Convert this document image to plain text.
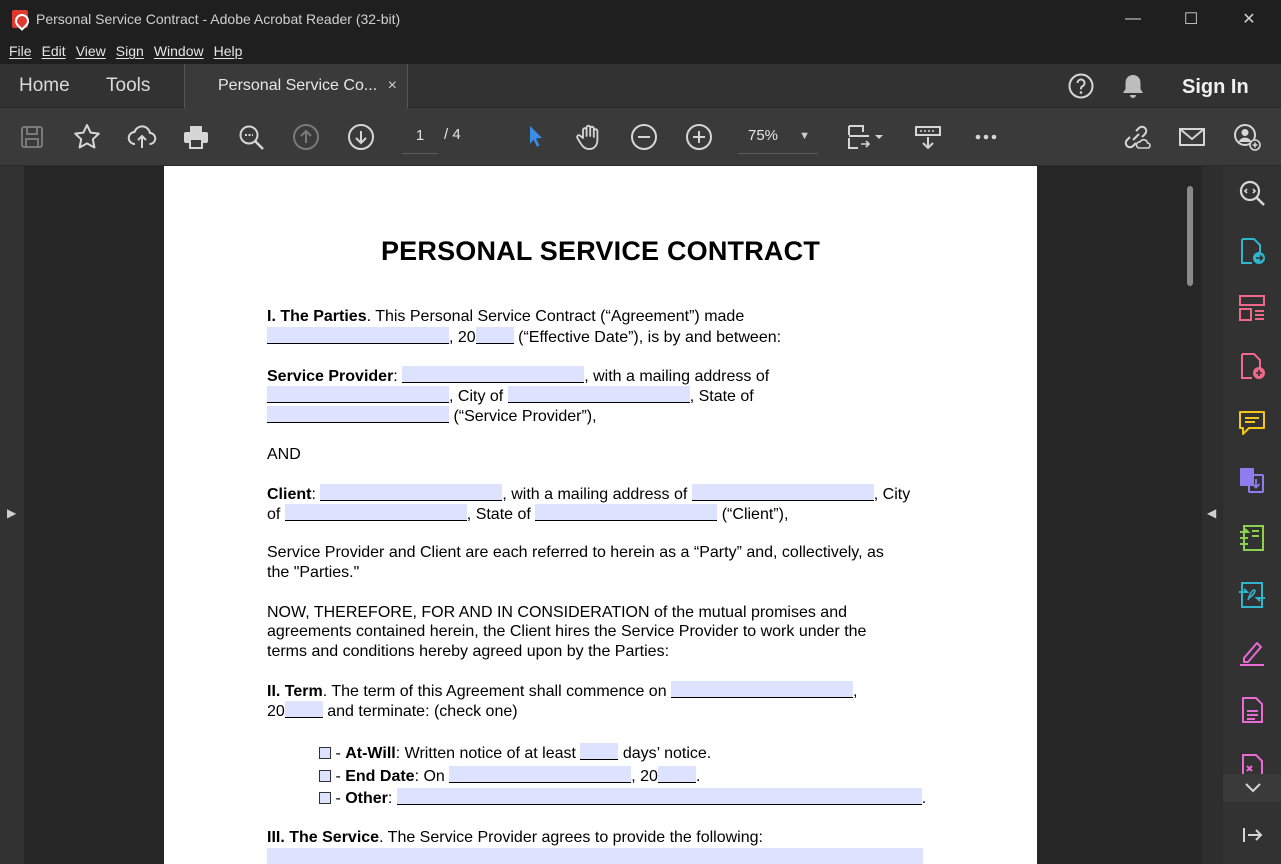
Personal Service Contract - Adobe Acrobat Reader (32-bit)	—	☐	✕
File Edit View Sign Window Help
Home Tools	Personal Service Co... ×	Sign In
1	/ 4	75% ▼
▶
PERSONAL SERVICE CONTRACT
I. The Parties. This Personal Service Contract (“Agreement”) made
, 20 (“Effective Date”), is by and between:
Service Provider:	, with a mailing address of
, City of	, State of
(“Service Provider”),
AND
Client:	, with a mailing address of	, City
of	, State of	(“Client”),
Service Provider and Client are each referred to herein as a “Party” and, collectively, as
the "Parties."
NOW, THEREFORE, FOR AND IN CONSIDERATION of the mutual promises and
agreements contained herein, the Client hires the Service Provider to work under the
terms and conditions hereby agreed upon by the Parties:
II. Term. The term of this Agreement shall commence on	,
20 and terminate: (check one)
- At-Will: Written notice of at least  days’ notice.
- End Date: On	, 20 .
- Other:	.
III. The Service. The Service Provider agrees to provide the following:
◀
